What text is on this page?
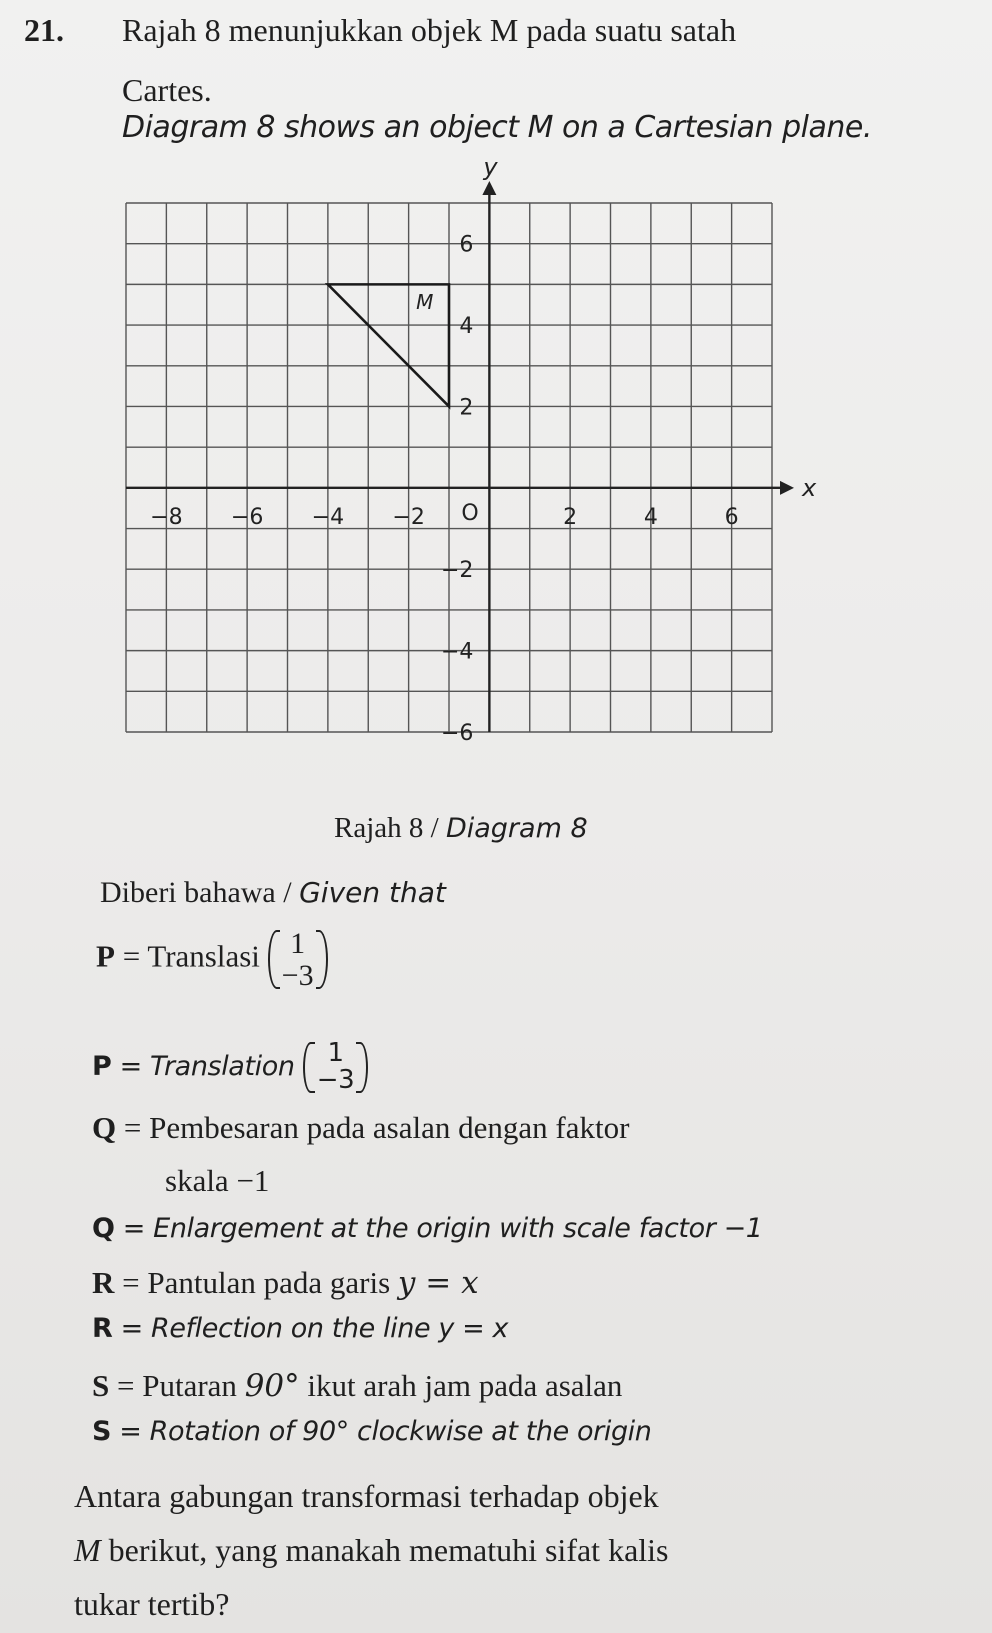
21. Rajah 8 menunjukkan objek M pada suatu satah
Cartes.
Diagram 8 shows an object M on a Cartesian plane.
x
y
O
−8 −6 −4 −2	2	4	6
6
4
2
−2
−4
−6
M
Rajah 8 / Diagram 8
Diberi bahawa / Given that
P = Translasi 1
−3
P = Translation	1
−3
Q = Pembesaran pada asalan dengan faktor
skala −1
Q = Enlargement at the origin with scale factor −1
R = Pantulan pada garis y = x
R = Reflection on the line y = x
S = Putaran 90° ikut arah jam pada asalan
S = Rotation of 90° clockwise at the origin
Antara gabungan transformasi terhadap objek
M berikut, yang manakah mematuhi sifat kalis
tukar tertib?
